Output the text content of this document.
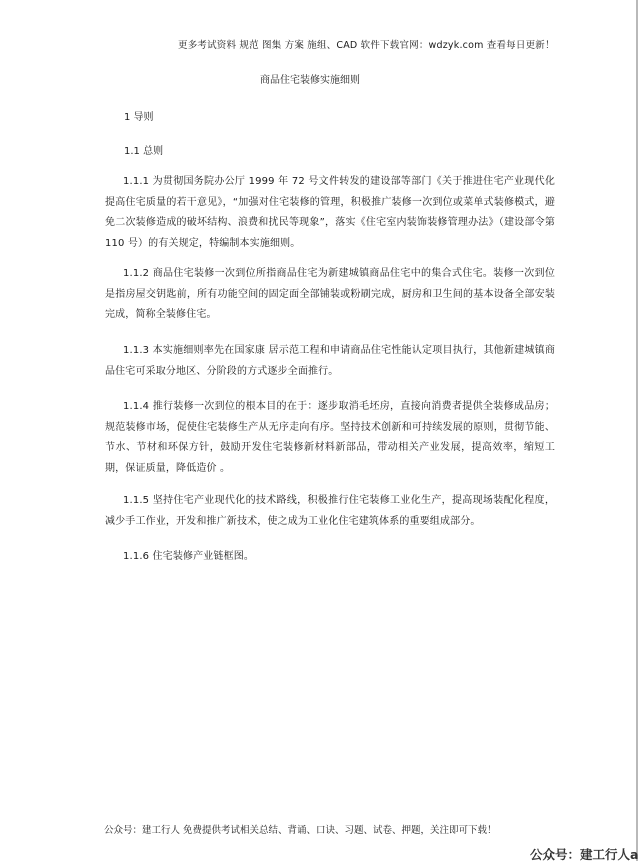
更多考试资料 规范 图集 方案 施组、CAD 软件下载官网：wdzyk.com 查看每日更新！
商品住宅装修实施细则
1 导则
1.1 总则
1.1.1 为贯彻国务院办公厅 1999 年 72 号文件转发的建设部等部门《关于推进住宅产业现代化提高住宅质量的若干意见》，“加强对住宅装修的管理，积极推广装修一次到位或菜单式装修模式，避免二次装修造成的破坏结构、浪费和扰民等现象”，落实《住宅室内装饰装修管理办法》（建设部令第 110 号）的有关规定，特编制本实施细则。
1.1.2 商品住宅装修一次到位所指商品住宅为新建城镇商品住宅中的集合式住宅。装修一次到位是指房屋交钥匙前，所有功能空间的固定面全部铺装或粉刷完成，厨房和卫生间的基本设备全部安装完成，简称全装修住宅。
1.1.3 本实施细则率先在国家康 居示范工程和申请商品住宅性能认定项目执行，其他新建城镇商品住宅可采取分地区、分阶段的方式逐步全面推行。
1.1.4 推行装修一次到位的根本目的在于：逐步取消毛坯房，直接向消费者提供全装修成品房；规范装修市场，促使住宅装修生产从无序走向有序。坚持技术创新和可持续发展的原则，贯彻节能、节水、节材和环保方针，鼓励开发住宅装修新材料新部品，带动相关产业发展，提高效率，缩短工期，保证质量，降低造价 。
1.1.5 坚持住宅产业现代化的技术路线，积极推行住宅装修工业化生产，提高现场装配化程度，减少手工作业，开发和推广新技术，使之成为工业化住宅建筑体系的重要组成部分。
1.1.6 住宅装修产业链框图。
公众号：建工行人 免费提供考试相关总结、背诵、口诀、习题、试卷、押题，关注即可下载！
公众号：建工行人a
